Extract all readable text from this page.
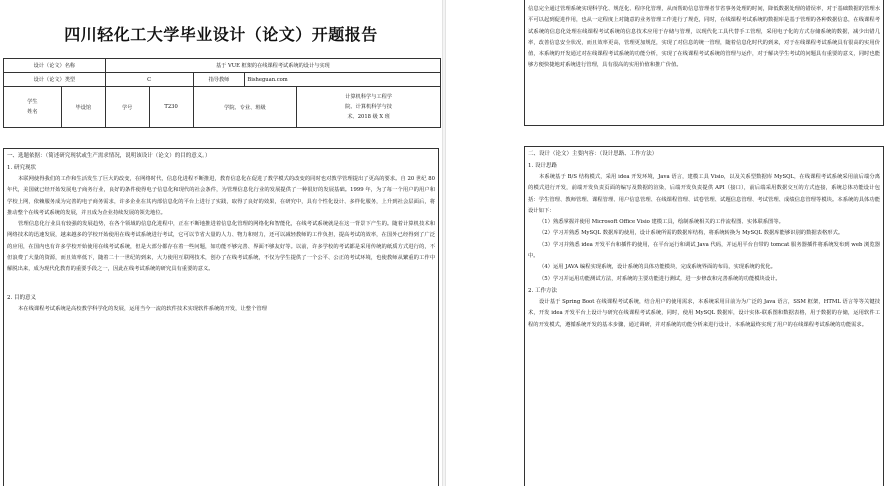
四川轻化工大学毕业设计（论文）开题报告
设计（论文）名称		基于 VUE 框架的在线课程考试系统的设计与实现				
设计（论文）类型		C		指导教师	Bisheguan.com	

学生
姓名	毕设馆	学号	T230	学院、专业、班级		计算机科学与工程学
院、计算机科学与技
术、2018 级 X 班

一、选题依据：（简述研究现状或生产需求情况，说明该设计（论文）的目的意义。）

1. 研究现状

本联网使得我们的工作和生活发生了巨大的改变，在网络时代，信息化进程不断推进，教育信息化在促进了教学模式的改变的同时也对教学管理提出了更高的要求。自 20 世纪 80 年代，美国就已经开始发展电子商务行业，良好的条件使得电子信息化和现代的社会条件，为管理信息化行业的发展提供了一种很好的发展基础。1999 年，为了每一个用户的用户和学校上网，依赖服务成为完善的电子商务需求，许多企业在其内部信息化的平台上进行了实践，取得了良好的效果，在研究中，具有个性化设计、多样化服务，上升到社会层面后，将推动整个在线考试系统的发展，并且成为企业持续发展的领先地位。

管理信息化行业具有较强的发展趋势，在各个领域的信息化进程中，正在不断地推进着信息化管理的网络化和智能化，在线考试系统就是在这一背景下产生的。随着计算机技术和网络技术的迅速发展，越来越多的学校开始使用在线考试系统进行考试，它可以节省大量的人力、物力和财力，还可以减轻教师的工作负担，提高考试的效率，在国外已经得到了广泛的应用，在国内也有许多学校开始使用在线考试系统，但是大部分都存在着一些问题，如功能不够完善、界面不够友好等。以前，许多学校的考试都是采用传统的纸质方式进行的，不但浪费了大量的资源，而且效率低下，随着二十一世纪的到来，大力使用互联网技术，创办了在线考试系统，不仅为学生提供了一个公平、公正的考试环境，也使教师从繁重的工作中解脱出来，成为现代化教育的重要手段之一，因此在线考试系统的研究具有重要的意义。

2. 目的意义

本在线课程考试系统是高校教学科学化的发展，运用当今一流的软件技术实现软件系统的开发，让整个管理

信息完全通过管理系统实现科学化、规范化、程序化管理，从而帮助信息管理者节省事务处理的时间，降低数据处理的错误率，对于基础数据的管理水平可以起到促进作用，也从一定程度上对随意的业务管理工作进行了规范，同时，在线课程考试系统的数据库是基于管理的各种数据信息，在线课程考试系统的信息化处理在线课程考试系统的信息技术应用于存储与管理，以现代化工具代替手工管理，采用电子化的方式存储系统的数据，减少出错几率，改善信息安全状况，而且效率更高，管理更加规范，实现了对信息的统一管理，随着信息化时代的到来，对于在线课程考试系统具有很高的实用价值，本系统的开发通过对在线课程考试系统的功能分析，实现了在线课程考试系统的管理与运作，对于解决学生考试的问题具有重要的意义，同时也能够方便快捷地对系统进行管理，具有很高的实用价值和推广价值。

二、设计（论文）主要内容：（设计思路、工作方法）

1. 设计思路

本系统基于 B/S 结构模式，采用 idea 开发环境，Java 语言，建模工具 Visio，以及关系型数据库 MySQL，在线课程考试系统采用前后端分离的模式进行开发，前端开发负责页面的编写及数据的渲染，后端开发负责提供 API（接口），前后端采用数据交互的方式连接，系统总体功能设计包括：学生管理、教师管理、课程管理、用户信息管理、在线课程管理、试卷管理、试题信息管理、考试管理、成绩信息管理等模块。本系统的具体功能设计如下：

（1）熟悉掌握并使用 Microsoft Office Visio 建模工具，绘制系统相关的工作流程图、实体联系图等。

（2）学习并熟悉 MySQL 数据库的使用，设计系统所需的数据库结构，将系统转换为 MySQL 数据库能够识别的数据表格形式。

（3）学习并熟悉 idea 开发平台和插件的使用，在平台运行和调试 Java 代码，并运用平台自带的 tomcat 服务器插件将系统发布到 web 浏览器中。

（4）运用 JAVA 编程实现系统，设计系统的具体功能模块，完成系统界面的布局，实现系统的优化。

（5）学习并运用功能测试方法，对系统的主要功能进行测试，进一步修改和完善系统的功能模块设计。

2. 工作方法

设计基于 Spring Boot 在线课程考试系统，结合用户的使用需求，本系统采用目前为为广泛的 Java 语言，SSM 框架，HTML 语言等等关键技术，开发 idea 开发平台上设计与研究在线课程考试系统，同时，使用 MySQL 数据库，设计实体-联系图和数据表格，用于数据的存储，运用软件工程的开发模式，遵循系统开发的基本步骤，通过调研，并对系统的功能分析来进行设计，本系统最终实现了用户的在线课程考试系统的功能需求。
